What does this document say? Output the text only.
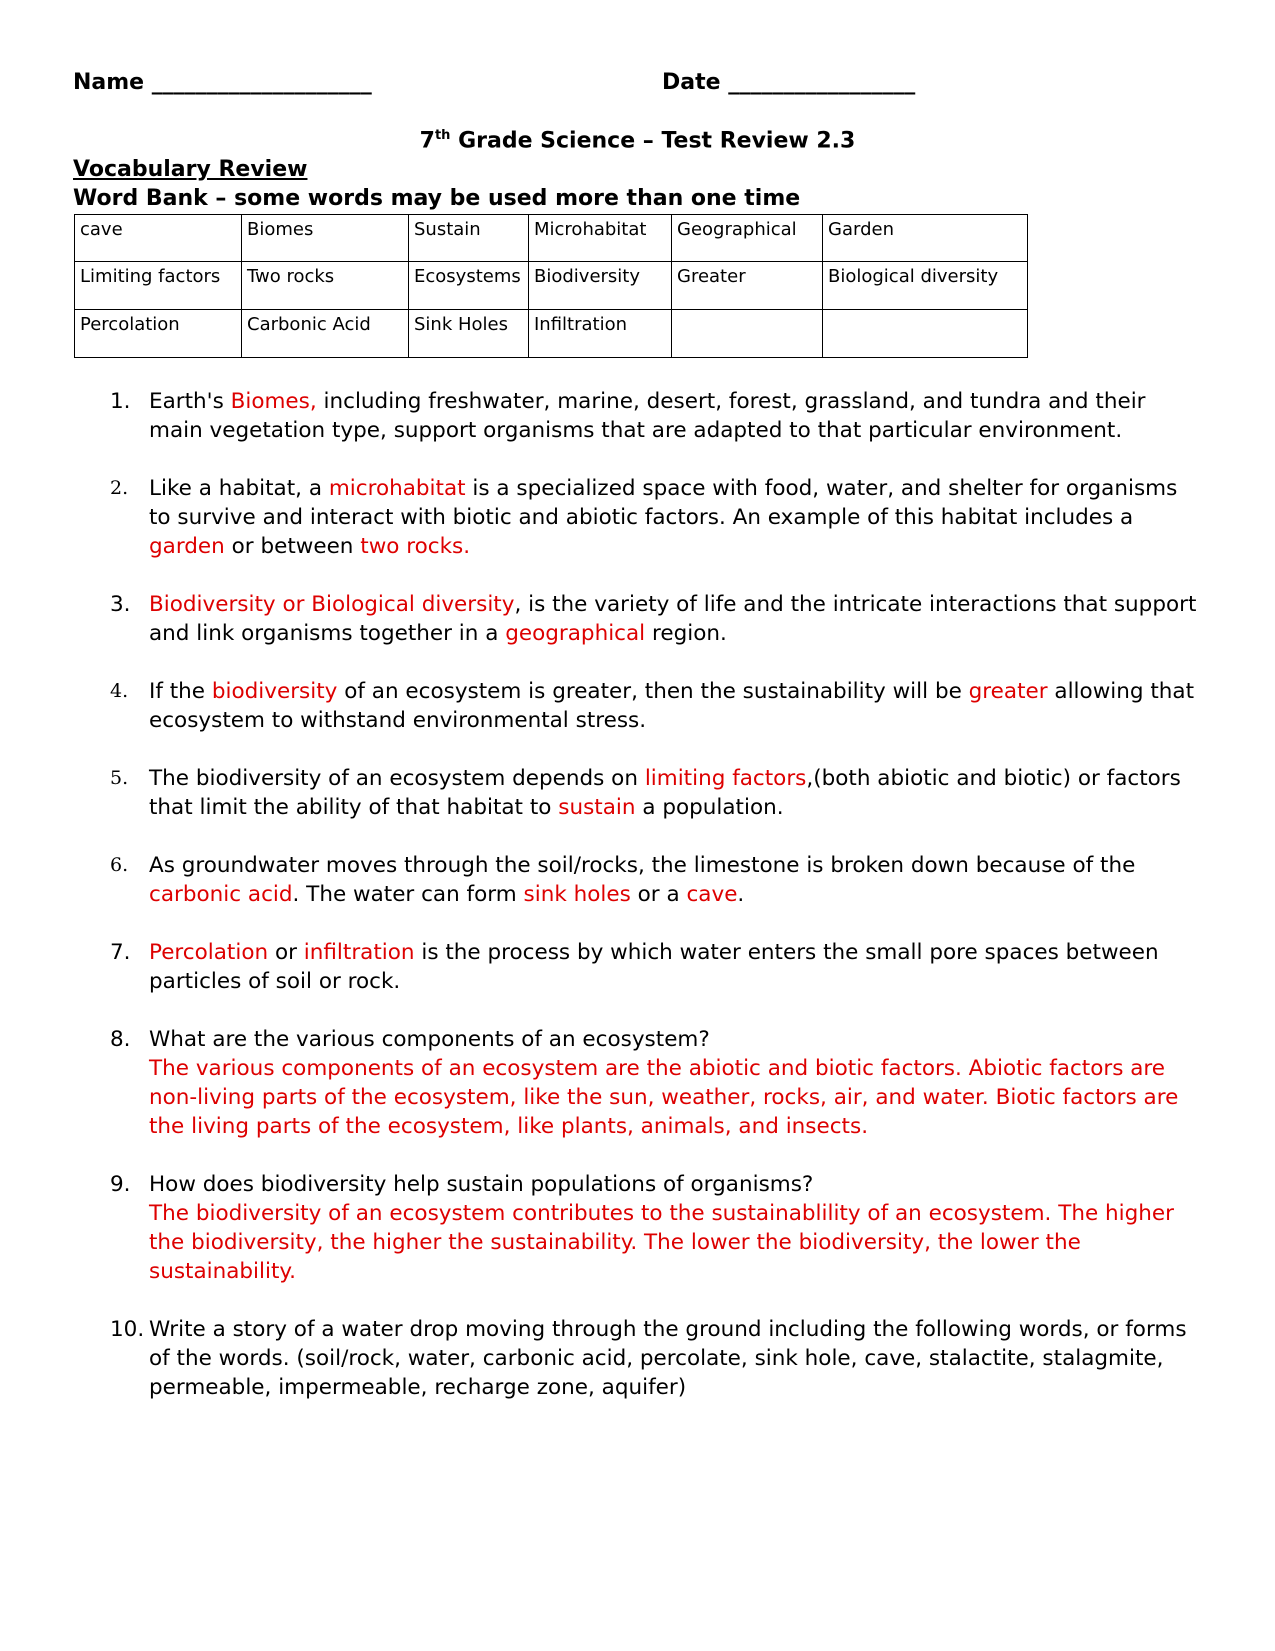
Name ____________________	Date _________________
7th Grade Science – Test Review 2.3
Vocabulary Review
Word Bank – some words may be used more than one time
cave	Biomes	Sustain	Microhabitat	Geographical	Garden
Limiting factors	Two rocks	Ecosystems	Biodiversity	Greater	Biological diversity
Percolation	Carbonic Acid	Sink Holes	Infiltration		
1. Earth's Biomes, including freshwater, marine, desert, forest, grassland, and tundra and their main vegetation type, support organisms that are adapted to that particular environment.
2. Like a habitat, a microhabitat is a specialized space with food, water, and shelter for organisms to survive and interact with biotic and abiotic factors. An example of this habitat includes a garden or between two rocks.
3. Biodiversity or Biological diversity, is the variety of life and the intricate interactions that support and link organisms together in a geographical region.
4. If the biodiversity of an ecosystem is greater, then the sustainability will be greater allowing that ecosystem to withstand environmental stress.
5. The biodiversity of an ecosystem depends on limiting factors,(both abiotic and biotic) or factors that limit the ability of that habitat to sustain a population.
6. As groundwater moves through the soil/rocks, the limestone is broken down because of the carbonic acid. The water can form sink holes or a cave.
7. Percolation or infiltration is the process by which water enters the small pore spaces between particles of soil or rock.
8. What are the various components of an ecosystem?
The various components of an ecosystem are the abiotic and biotic factors. Abiotic factors are non-living parts of the ecosystem, like the sun, weather, rocks, air, and water. Biotic factors are the living parts of the ecosystem, like plants, animals, and insects.
9. How does biodiversity help sustain populations of organisms?
The biodiversity of an ecosystem contributes to the sustainablility of an ecosystem. The higher the biodiversity, the higher the sustainability. The lower the biodiversity, the lower the sustainability.
10. Write a story of a water drop moving through the ground including the following words, or forms of the words. (soil/rock, water, carbonic acid, percolate, sink hole, cave, stalactite, stalagmite, permeable, impermeable, recharge zone, aquifer)
